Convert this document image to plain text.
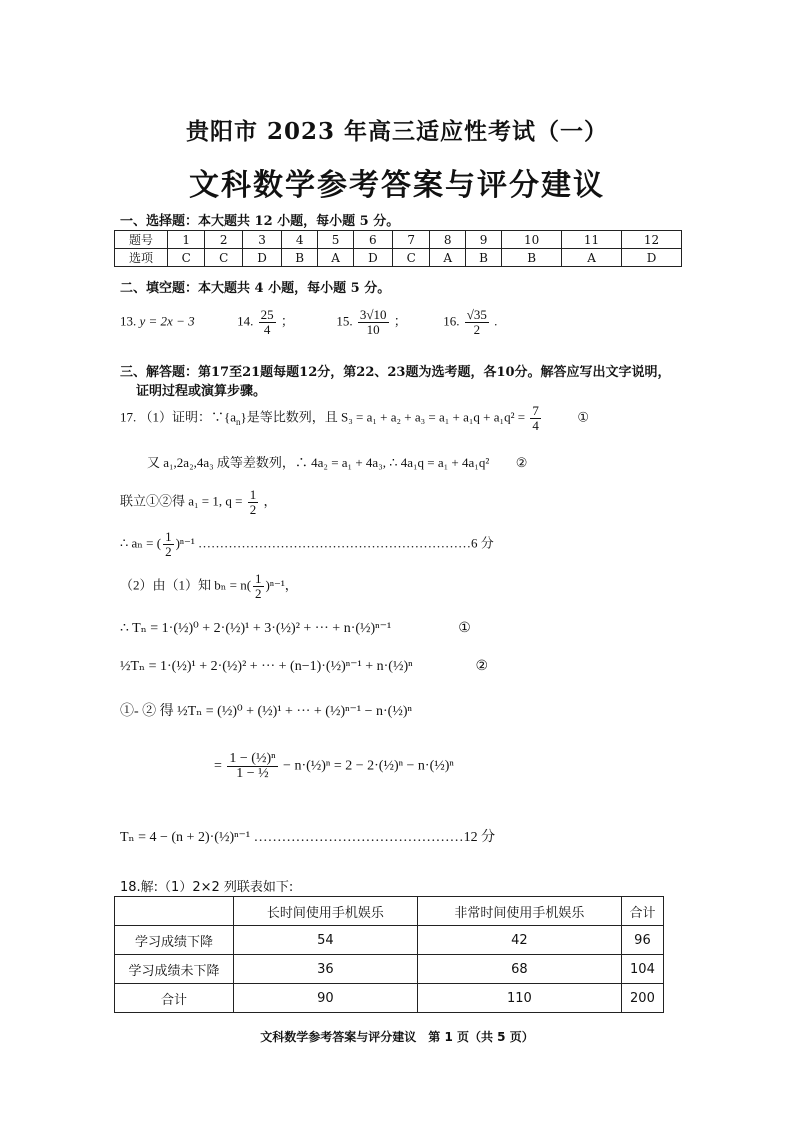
贵阳市 2023 年高三适应性考试（一）
文科数学参考答案与评分建议
一、选择题：本大题共 12 小题，每小题 5 分。
题号	1	2	3	4	5	6	7	8	9	10	11	12
选项	C	C	D	B	A	D	C	A	B	B	A	D
二、填空题：本大题共 4 小题，每小题 5 分。
13. y = 2x − 3	14. $\frac{25}{4}$ ；	15. $\frac{3√10}{10}$ ；	16. $\frac{√35}{2}$ .
三、解答题：第17至21题每题12分，第22、23题为选考题，各10分。解答应写出文字说明，
证明过程或演算步骤。
17. （1）证明：$\because\{a_n\}$是等比数列，且 $S_3 = a_1 + a_2 + a_3 = a_1 + a_1q + a_1q^2 = \frac{7}{4}$	①
又 a₁,2a₂,4a₃ 成等差数列，∴ 4a₂ = a₁ + 4a₃, ∴ 4a₁q = a₁ + 4a₁q² ②
联立①②得 a₁ = 1, $q = \frac{1}{2}$ ，
∴ aₙ = ( $\frac{1}{2} )^{n-1}$ ………………………………………………………6 分
（2）由（1）知 $b_n = n( \frac{1}{2} )^{n-1}$，
∴ Tₙ = 1·(½)⁰ + 2·(½)¹ + 3·(½)² + ··· + n·(½)ⁿ⁻¹	①
½Tₙ = 1·(½)¹ + 2·(½)² + ··· + (n−1)·(½)ⁿ⁻¹ + n·(½)ⁿ	②
①- ② 得 ½Tₙ = (½)⁰ + (½)¹ + ··· + (½)ⁿ⁻¹ − n·(½)ⁿ
= $\frac{\text{1 − (½)ⁿ}}{\text{1 − ½}}$ − n·(½)ⁿ = 2 − 2·(½)ⁿ − n·(½)ⁿ
Tₙ = 4 − (n + 2)·(½)ⁿ⁻¹ ………………………………………12 分
18.解:（1）2×2 列联表如下:
	长时间使用手机娱乐	非常时间使用手机娱乐	合计
学习成绩下降	54	42	96
学习成绩未下降	36	68	104
合计	90	110	200
文科数学参考答案与评分建议　第 1 页（共 5 页）
